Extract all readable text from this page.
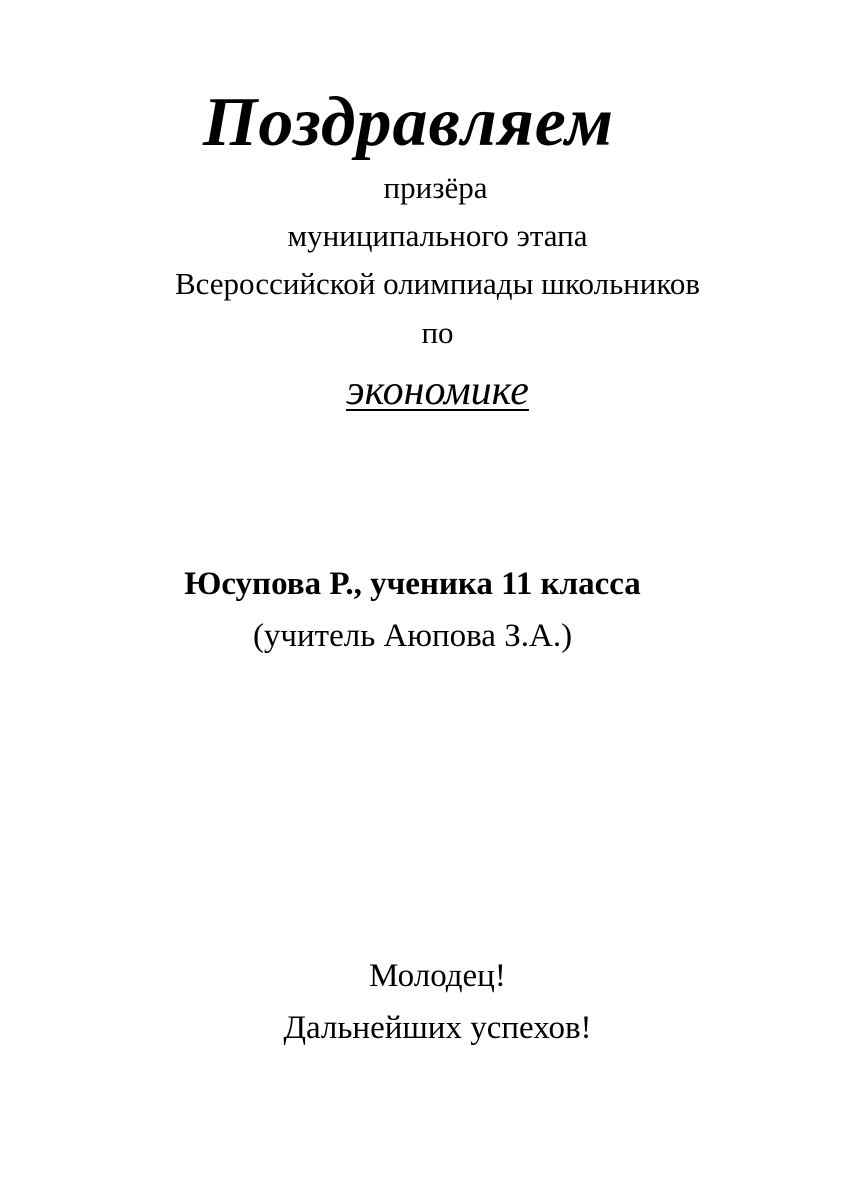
Поздравляем
призёра
муниципального этапа
Всероссийской олимпиады школьников
по
экономике
Юсупова Р., ученика 11 класса
(учитель Аюпова З.А.)
Молодец!
Дальнейших успехов!
